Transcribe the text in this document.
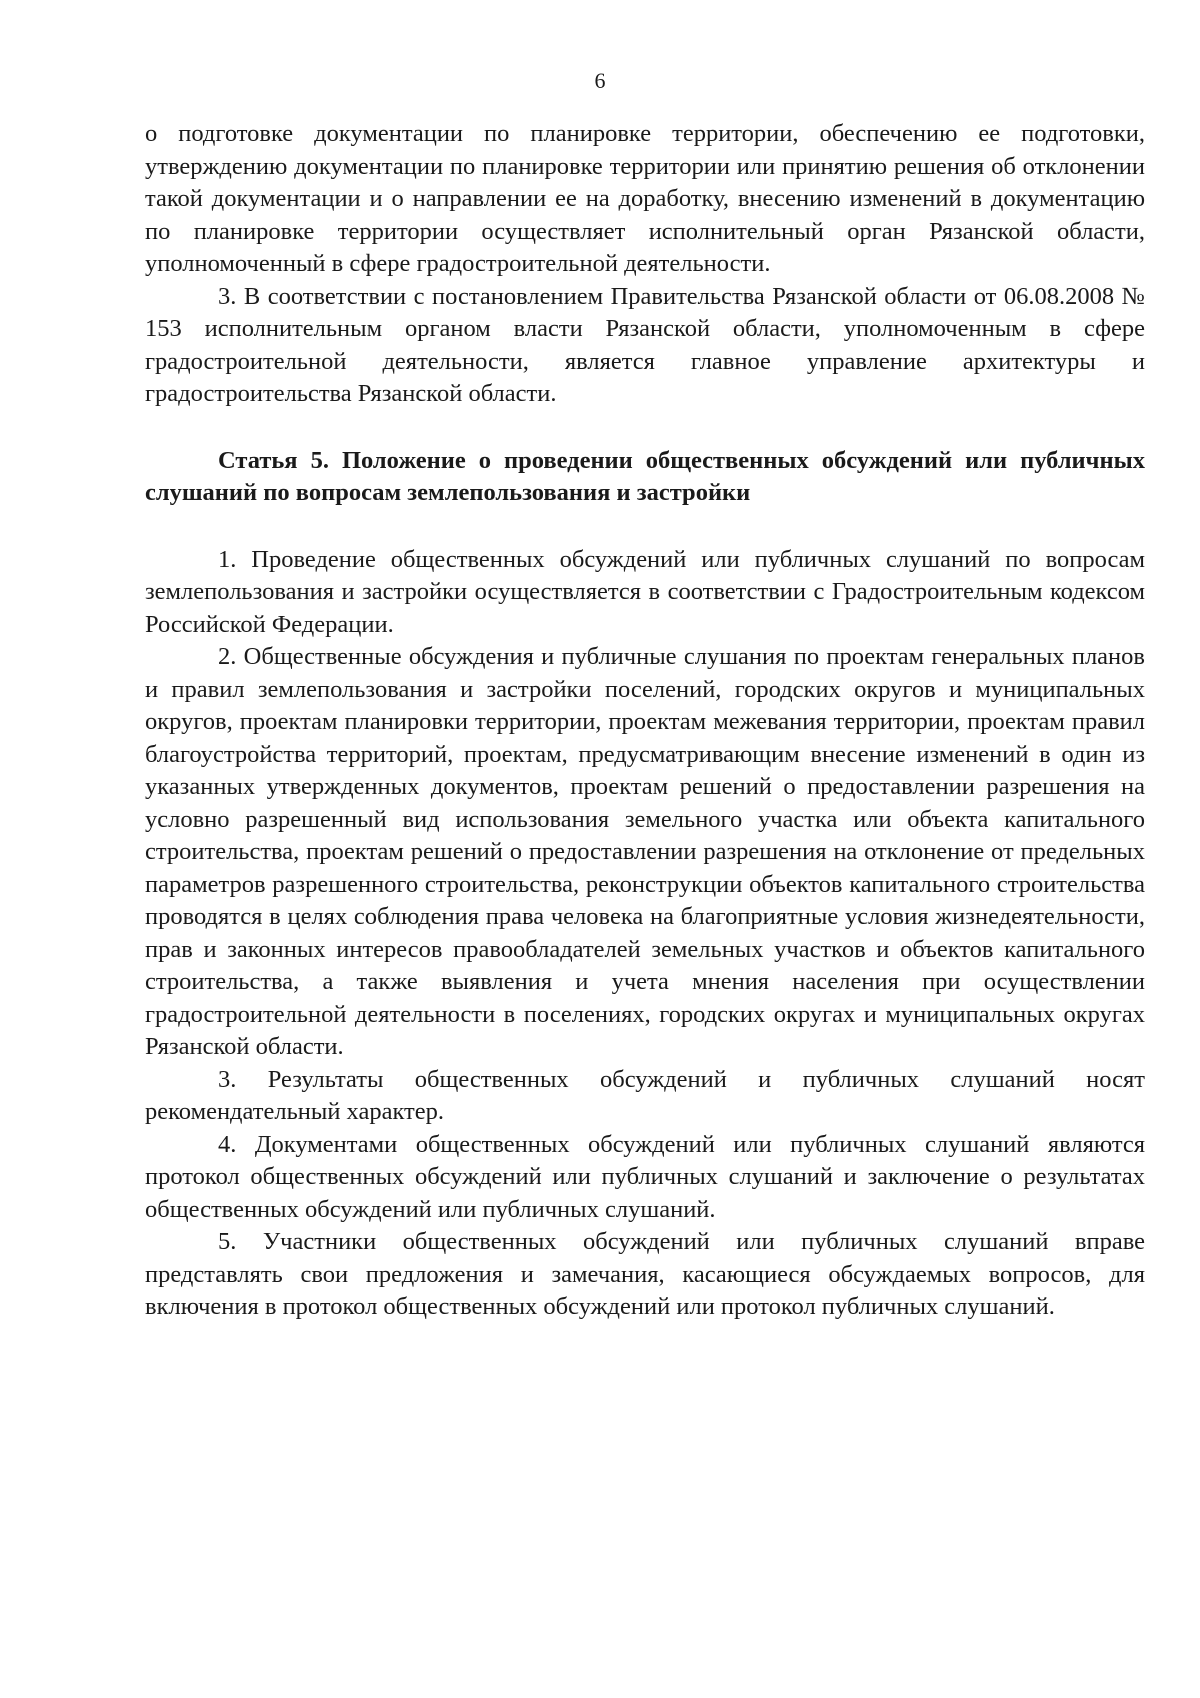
6

о подготовке документации по планировке территории, обеспечению ее подготовки, утверждению документации по планировке территории или принятию решения об отклонении такой документации и о направлении ее на доработку, внесению изменений в документацию по планировке территории осуществляет исполнительный орган Рязанской области, уполномоченный в сфере градостроительной деятельности.

3. В соответствии с постановлением Правительства Рязанской области от 06.08.2008 № 153 исполнительным органом власти Рязанской области, уполномоченным в сфере градостроительной деятельности, является главное управление архитектуры и градостроительства Рязанской области.

Статья 5. Положение о проведении общественных обсуждений или публичных слушаний по вопросам землепользования и застройки

1. Проведение общественных обсуждений или публичных слушаний по вопросам землепользования и застройки осуществляется в соответствии с Градостроительным кодексом Российской Федерации.

2. Общественные обсуждения и публичные слушания по проектам генеральных планов и правил землепользования и застройки поселений, городских округов и муниципальных округов, проектам планировки территории, проектам межевания территории, проектам правил благоустройства территорий, проектам, предусматривающим внесение изменений в один из указанных утвержденных документов, проектам решений о предоставлении разрешения на условно разрешенный вид использования земельного участка или объекта капитального строительства, проектам решений о предоставлении разрешения на отклонение от предельных параметров разрешенного строительства, реконструкции объектов капитального строительства проводятся в целях соблюдения права человека на благоприятные условия жизнедеятельности, прав и законных интересов правообладателей земельных участков и объектов капитального строительства, а также выявления и учета мнения населения при осуществлении градостроительной деятельности в поселениях, городских округах и муниципальных округах Рязанской области.

3. Результаты общественных обсуждений и публичных слушаний носят рекомендательный характер.

4. Документами общественных обсуждений или публичных слушаний являются протокол общественных обсуждений или публичных слушаний и заключение о результатах общественных обсуждений или публичных слушаний.

5. Участники общественных обсуждений или публичных слушаний вправе представлять свои предложения и замечания, касающиеся обсуждаемых вопросов, для включения в протокол общественных обсуждений или протокол публичных слушаний.
